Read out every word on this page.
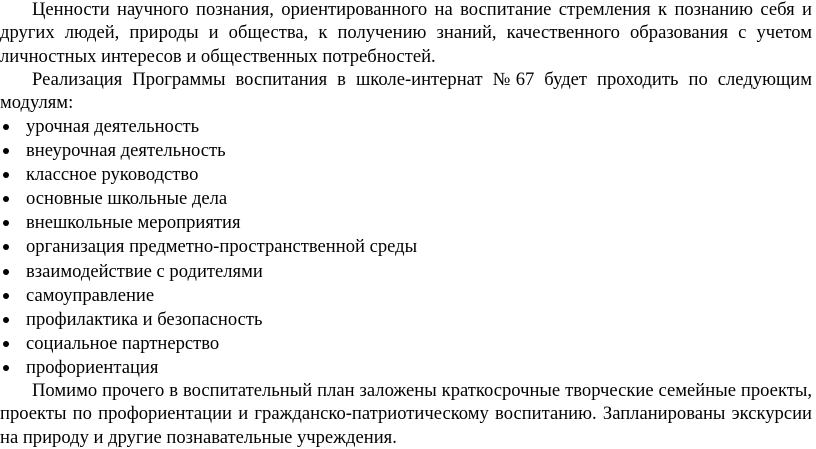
Ценности научного познания, ориентированного на воспитание стремления к познанию себя и других людей, природы и общества, к получению знаний, качественного образования с учетом личностных интересов и общественных потребностей.

Реализация Программы воспитания в школе-интернат №67 будет проходить по следующим модулям:

урочная деятельность
внеурочная деятельность
классное руководство
основные школьные дела
внешкольные мероприятия
организация предметно-пространственной среды
взаимодействие с родителями
самоуправление
профилактика и безопасность
социальное партнерство
профориентация

Помимо прочего в воспитательный план заложены краткосрочные творческие семейные проекты, проекты по профориентации и гражданско-патриотическому воспитанию. Запланированы экскурсии на природу и другие познавательные учреждения.
